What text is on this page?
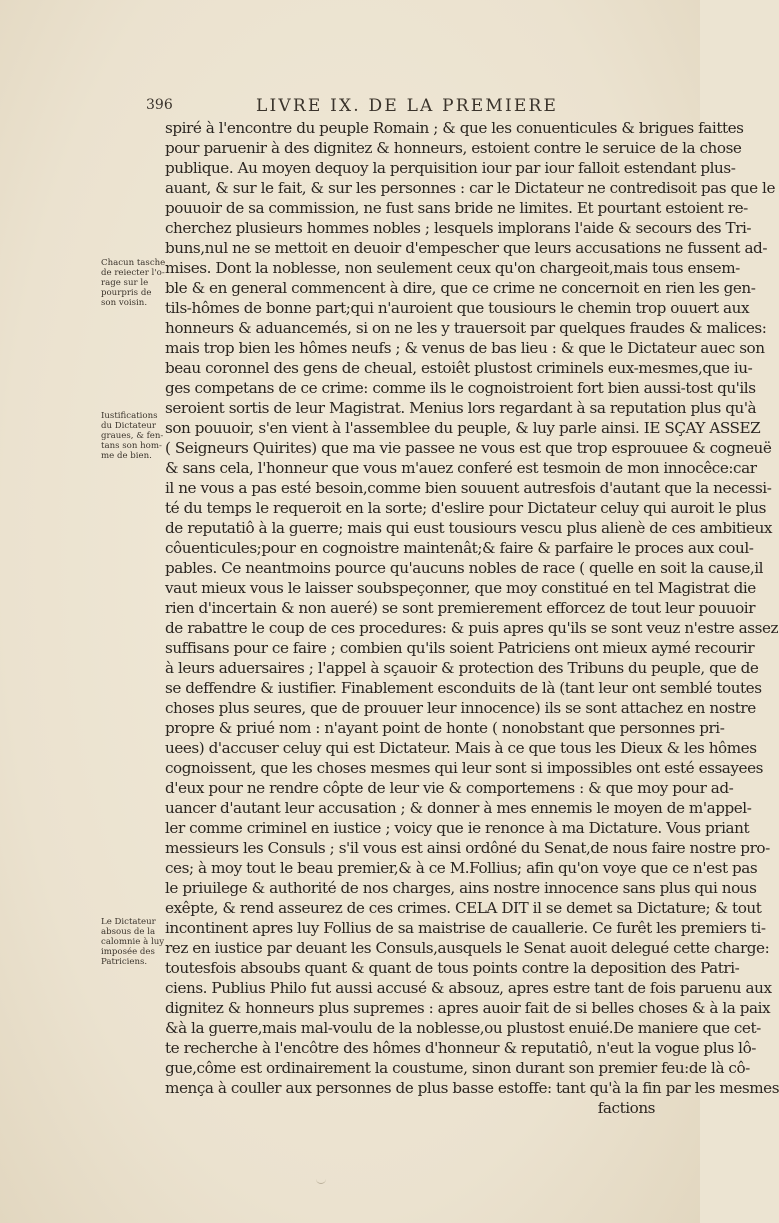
396	LIVRE IX. DE LA PREMIERE
Chacun tasche
de reiecter l'o-
rage sur le
pourpris de
son voisin.
Iustifications
du Dictateur
graues, & fen-
tans son hom-
me de bien.
Le Dictateur
absous de la
calomnie à luy
imposée des
Patriciens.
spiré à l'encontre du peuple Romain ; & que les conuenticules & brigues faittes
pour paruenir à des dignitez & honneurs, estoient contre le seruice de la chose
publique. Au moyen dequoy la perquisition iour par iour falloit estendant plus-
auant, & sur le fait, & sur les personnes : car le Dictateur ne contredisoit pas que le
pouuoir de sa commission, ne fust sans bride ne limites. Et pourtant estoient re-
cherchez plusieurs hommes nobles ; lesquels implorans l'aide & secours des Tri-
buns,nul ne se mettoit en deuoir d'empescher que leurs accusations ne fussent ad-
mises. Dont la noblesse, non seulement ceux qu'on chargeoit,mais tous ensem-
ble & en general commencent à dire, que ce crime ne concernoit en rien les gen-
tils-hômes de bonne part;qui n'auroient que tousiours le chemin trop ouuert aux
honneurs & aduancemés, si on ne les y trauersoit par quelques fraudes & malices:
mais trop bien les hômes neufs ; & venus de bas lieu : & que le Dictateur auec son
beau coronnel des gens de cheual, estoiêt plustost criminels eux-mesmes,que iu-
ges competans de ce crime: comme ils le cognoistroient fort bien aussi-tost qu'ils
seroient sortis de leur Magistrat. Menius lors regardant à sa reputation plus qu'à
son pouuoir, s'en vient à l'assemblee du peuple, & luy parle ainsi. IE SÇAY ASSEZ
( Seigneurs Quirites) que ma vie passee ne vous est que trop esprouuee & cogneuë
& sans cela, l'honneur que vous m'auez conferé est tesmoin de mon innocêce:car
il ne vous a pas esté besoin,comme bien souuent autresfois d'autant que la necessi-
té du temps le requeroit en la sorte; d'eslire pour Dictateur celuy qui auroit le plus
de reputatiô à la guerre; mais qui eust tousiours vescu plus alienè de ces ambitieux
côuenticules;pour en cognoistre maintenât;& faire & parfaire le proces aux coul-
pables. Ce neantmoins pource qu'aucuns nobles de race ( quelle en soit la cause,il
vaut mieux vous le laisser soubspeçonner, que moy constitué en tel Magistrat die
rien d'incertain & non aueré) se sont premierement efforcez de tout leur pouuoir
de rabattre le coup de ces procedures: & puis apres qu'ils se sont veuz n'estre assez
suffisans pour ce faire ; combien qu'ils soient Patriciens ont mieux aymé recourir
à leurs aduersaires ; l'appel à sçauoir & protection des Tribuns du peuple, que de
se deffendre & iustifier. Finablement esconduits de là (tant leur ont semblé toutes
choses plus seures, que de prouuer leur innocence) ils se sont attachez en nostre
propre & priué nom : n'ayant point de honte ( nonobstant que personnes pri-
uees) d'accuser celuy qui est Dictateur. Mais à ce que tous les Dieux & les hômes
cognoissent, que les choses mesmes qui leur sont si impossibles ont esté essayees
d'eux pour ne rendre côpte de leur vie & comportemens : & que moy pour ad-
uancer d'autant leur accusation ; & donner à mes ennemis le moyen de m'appel-
ler comme criminel en iustice ; voicy que ie renonce à ma Dictature. Vous priant
messieurs les Consuls ; s'il vous est ainsi ordôné du Senat,de nous faire nostre pro-
ces; à moy tout le beau premier,& à ce M.Follius; afin qu'on voye que ce n'est pas
le priuilege & authorité de nos charges, ains nostre innocence sans plus qui nous
exêpte, & rend asseurez de ces crimes. CELA DIT il se demet sa Dictature; & tout
incontinent apres luy Follius de sa maistrise de cauallerie. Ce furêt les premiers ti-
rez en iustice par deuant les Consuls,ausquels le Senat auoit delegué cette charge:
toutesfois absoubs quant & quant de tous points contre la deposition des Patri-
ciens. Publius Philo fut aussi accusé & absouz, apres estre tant de fois paruenu aux
dignitez & honneurs plus supremes : apres auoir fait de si belles choses & à la paix
&à la guerre,mais mal-voulu de la noblesse,ou plustost enuié.De maniere que cet-
te recherche à l'encôtre des hômes d'honneur & reputatiô, n'eut la vogue plus lô-
gue,côme est ordinairement la coustume, sinon durant son premier feu:de là cô-
mença à couller aux personnes de plus basse estoffe: tant qu'à la fin par les mesmes
factions
